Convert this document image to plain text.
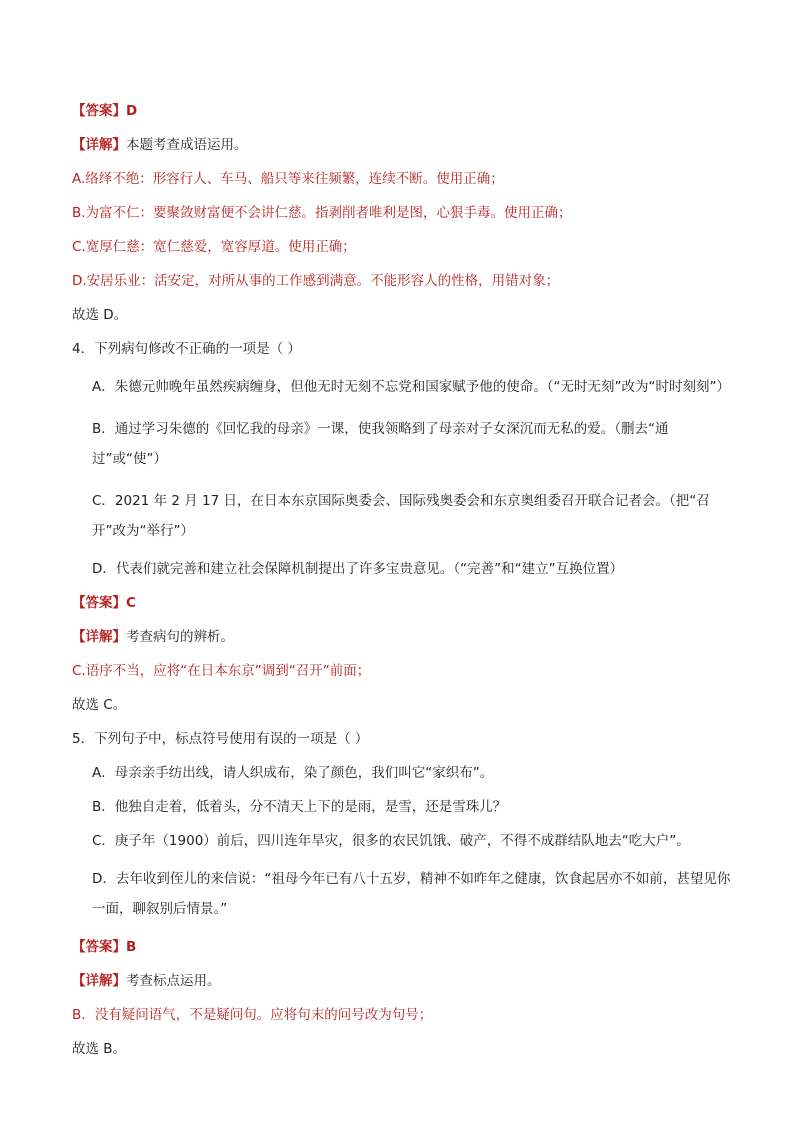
【答案】D

【详解】本题考查成语运用。

A.络绎不绝：形容行人、车马、船只等来往频繁，连续不断。使用正确；

B.为富不仁：要聚敛财富便不会讲仁慈。指剥削者唯利是图，心狠手毒。使用正确；

C.宽厚仁慈：宽仁慈爱，宽容厚道。使用正确；

D.安居乐业：活安定，对所从事的工作感到满意。不能形容人的性格，用错对象；

故选 D。

4．下列病句修改不正确的一项是（ ）

A．朱德元帅晚年虽然疾病缠身，但他无时无刻不忘党和国家赋予他的使命。（“无时无刻”改为“时时刻刻”）
B．通过学习朱德的《回忆我的母亲》一课，使我领略到了母亲对子女深沉而无私的爱。（删去“通过”或“使”）
C．2021 年 2 月 17 日，在日本东京国际奥委会、国际残奥委会和东京奥组委召开联合记者会。（把“召开”改为“举行”）
D．代表们就完善和建立社会保障机制提出了许多宝贵意见。（“完善”和“建立”互换位置）

【答案】C

【详解】考查病句的辨析。

C.语序不当，应将“在日本东京”调到“召开”前面；

故选 C。

5．下列句子中，标点符号使用有误的一项是（ ）

A．母亲亲手纺出线，请人织成布，染了颜色，我们叫它“家织布”。
B．他独自走着，低着头，分不清天上下的是雨，是雪，还是雪珠儿？
C．庚子年（1900）前后，四川连年旱灾，很多的农民饥饿、破产，不得不成群结队地去“吃大户”。
D．去年收到侄儿的来信说：“祖母今年已有八十五岁，精神不如昨年之健康，饮食起居亦不如前，甚望见你一面，聊叙别后情景。”

【答案】B

【详解】考查标点运用。

B．没有疑问语气，不是疑问句。应将句末的问号改为句号；

故选 B。
